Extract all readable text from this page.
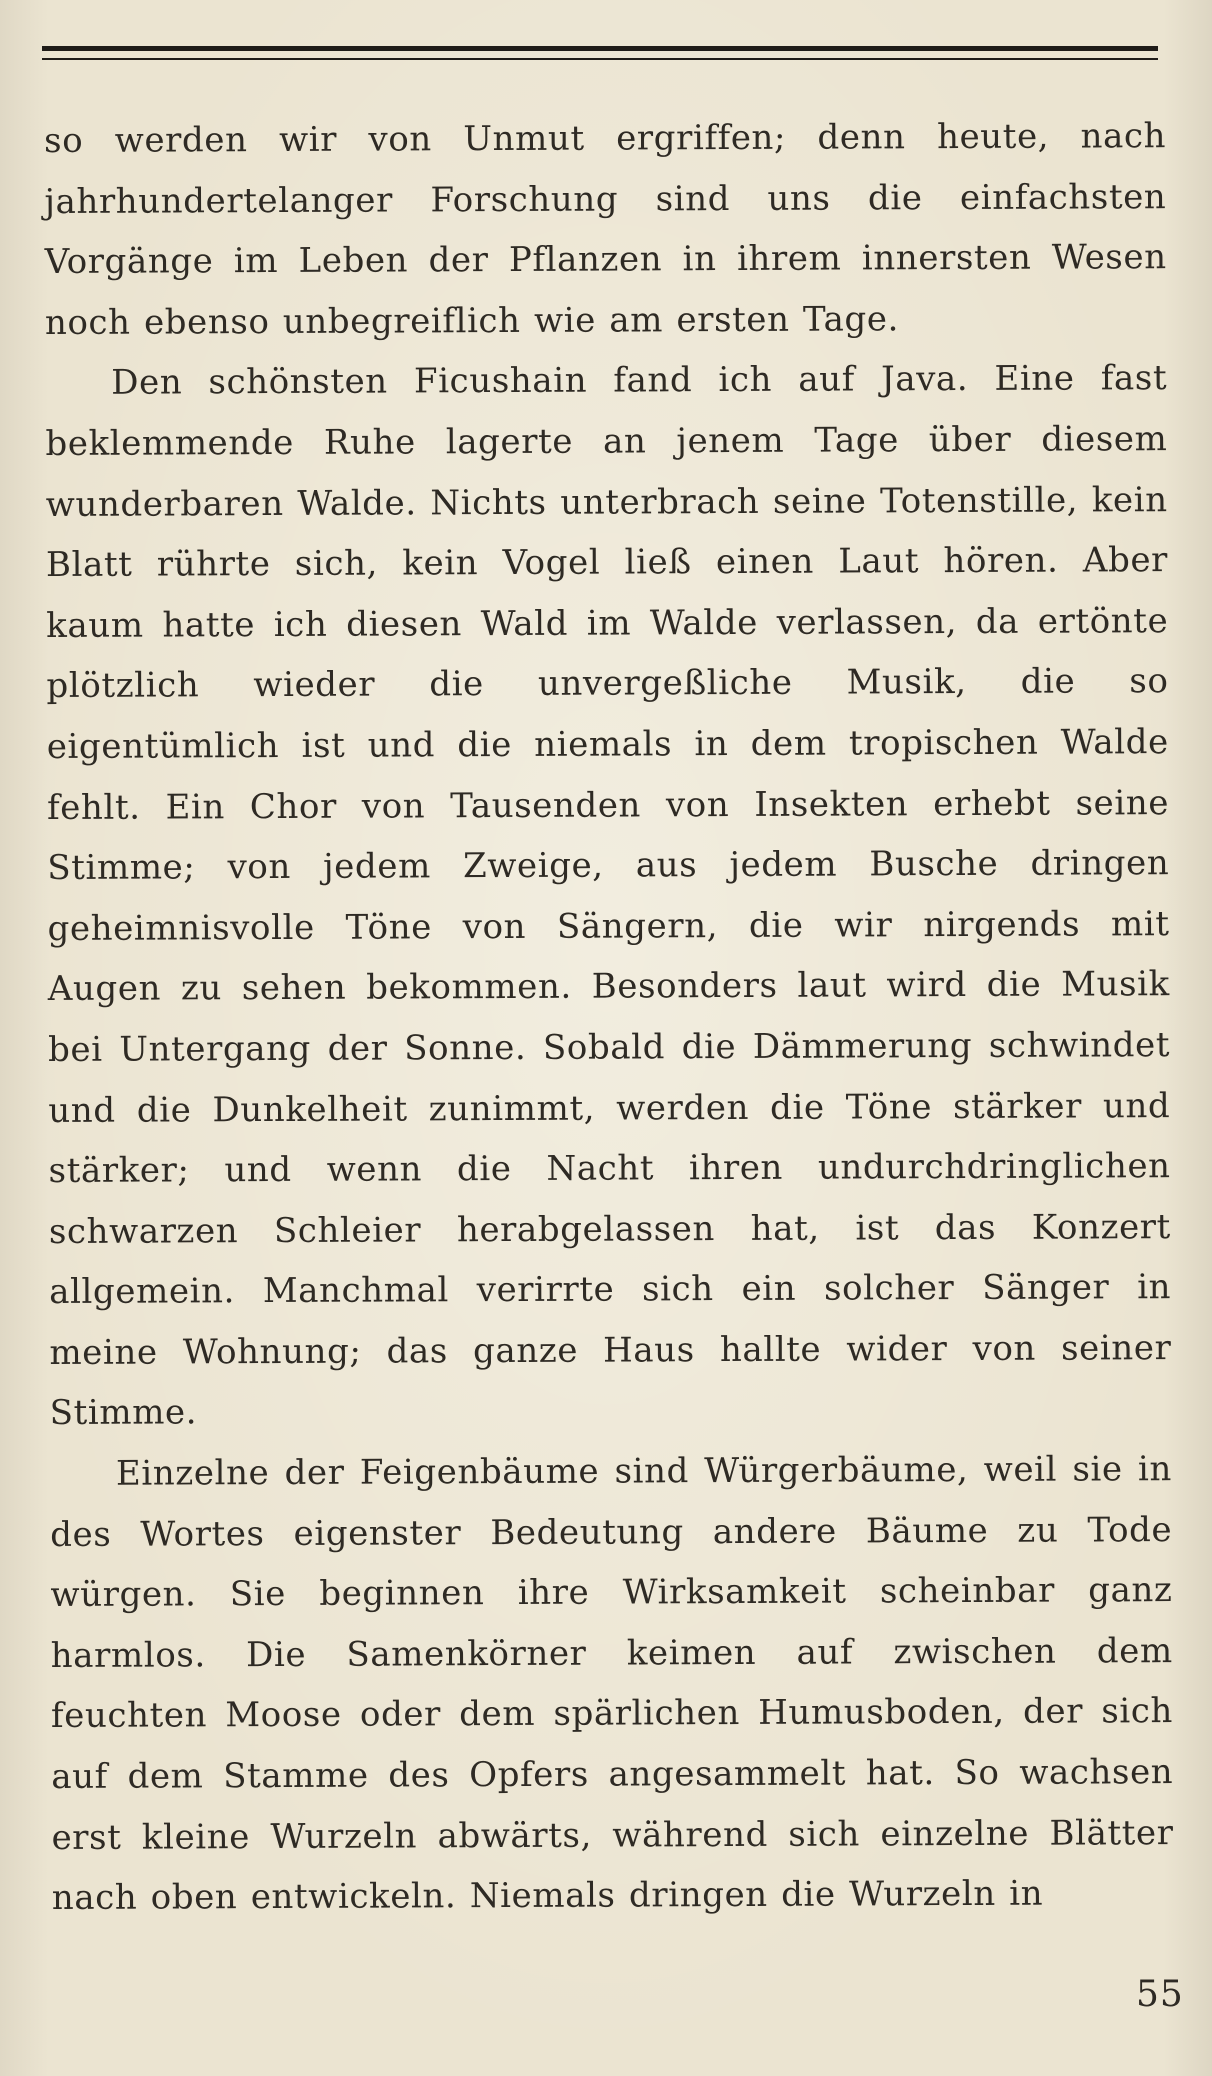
so werden wir von Unmut ergriffen; denn heute, nach jahrhundertelanger Forschung sind uns die einfachsten Vorgänge im Leben der Pflanzen in ihrem innersten Wesen noch ebenso unbegreiflich wie am ersten Tage.

Den schönsten Ficushain fand ich auf Java. Eine fast beklemmende Ruhe lagerte an jenem Tage über diesem wunderbaren Walde. Nichts unterbrach seine Totenstille, kein Blatt rührte sich, kein Vogel ließ einen Laut hören. Aber kaum hatte ich diesen Wald im Walde verlassen, da ertönte plötzlich wieder die unvergeßliche Musik, die so eigentümlich ist und die niemals in dem tropischen Walde fehlt. Ein Chor von Tausenden von Insekten erhebt seine Stimme; von jedem Zweige, aus jedem Busche dringen geheimnisvolle Töne von Sängern, die wir nirgends mit Augen zu sehen bekommen. Besonders laut wird die Musik bei Untergang der Sonne. Sobald die Dämmerung schwindet und die Dunkelheit zunimmt, werden die Töne stärker und stärker; und wenn die Nacht ihren undurchdringlichen schwarzen Schleier herabgelassen hat, ist das Konzert allgemein. Manchmal verirrte sich ein solcher Sänger in meine Wohnung; das ganze Haus hallte wider von seiner Stimme.

Einzelne der Feigenbäume sind Würgerbäume, weil sie in des Wortes eigenster Bedeutung andere Bäume zu Tode würgen. Sie beginnen ihre Wirksamkeit scheinbar ganz harmlos. Die Samenkörner keimen auf zwischen dem feuchten Moose oder dem spärlichen Humusboden, der sich auf dem Stamme des Opfers angesammelt hat. So wachsen erst kleine Wurzeln abwärts, während sich einzelne Blätter nach oben entwickeln. Niemals dringen die Wurzeln in

55
